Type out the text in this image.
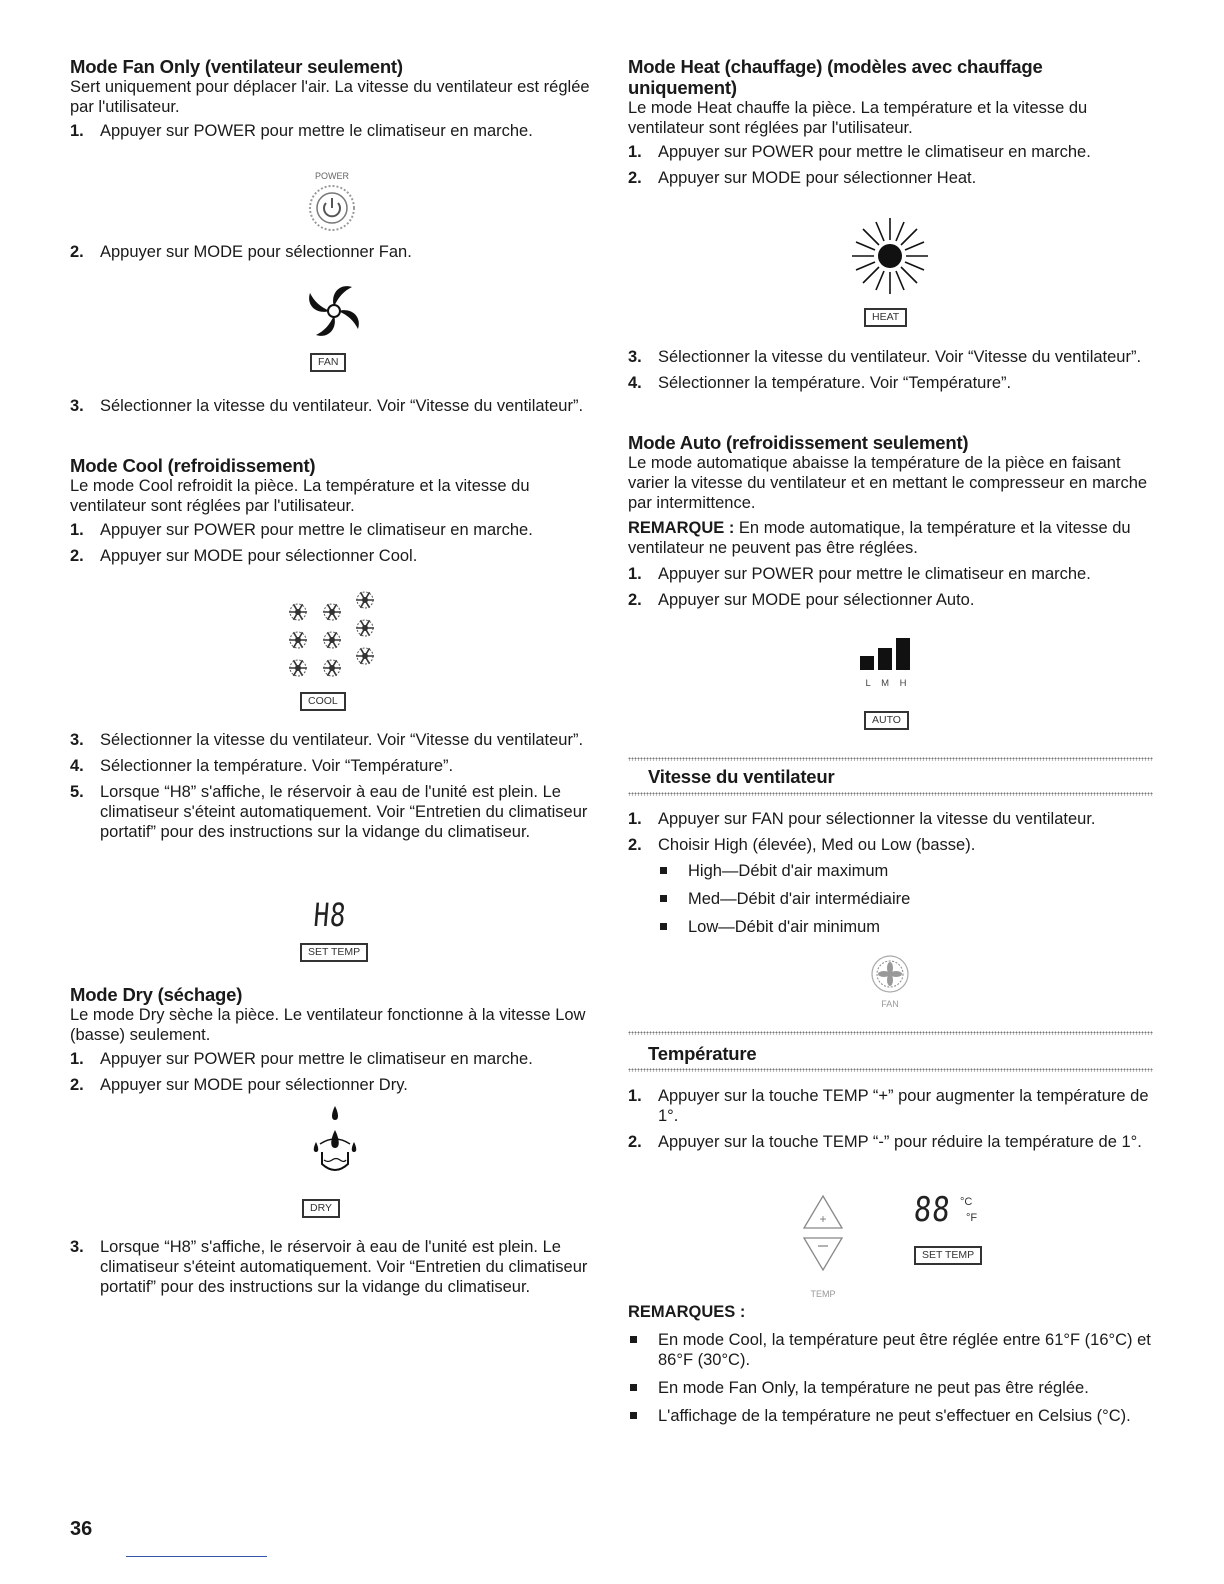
Mode Fan Only (ventilateur seulement)

Sert uniquement pour déplacer l'air. La vitesse du ventilateur est réglée par l'utilisateur.

1. Appuyer sur POWER pour mettre le climatiseur en marche.
POWER
2. Appuyer sur MODE pour sélectionner Fan.
FAN
3. Sélectionner la vitesse du ventilateur. Voir “Vitesse du ventilateur”.
Mode Cool (refroidissement)

Le mode Cool refroidit la pièce. La température et la vitesse du ventilateur sont réglées par l'utilisateur.

1. Appuyer sur POWER pour mettre le climatiseur en marche.
2. Appuyer sur MODE pour sélectionner Cool.
COOL
3. Sélectionner la vitesse du ventilateur. Voir “Vitesse du ventilateur”.
4. Sélectionner la température. Voir “Température”.
5. Lorsque “H8” s'affiche, le réservoir à eau de l'unité est plein. Le climatiseur s'éteint automatiquement. Voir “Entretien du climatiseur portatif” pour des instructions sur la vidange du climatiseur.
H8
SET TEMP
Mode Dry (séchage)

Le mode Dry sèche la pièce. Le ventilateur fonctionne à la vitesse Low (basse) seulement.

1. Appuyer sur POWER pour mettre le climatiseur en marche.
2. Appuyer sur MODE pour sélectionner Dry.
DRY
3. Lorsque “H8” s'affiche, le réservoir à eau de l'unité est plein. Le climatiseur s'éteint automatiquement. Voir “Entretien du climatiseur portatif” pour des instructions sur la vidange du climatiseur.
Mode Heat (chauffage) (modèles avec chauffage uniquement)

Le mode Heat chauffe la pièce. La température et la vitesse du ventilateur sont réglées par l'utilisateur.

1. Appuyer sur POWER pour mettre le climatiseur en marche.
2. Appuyer sur MODE pour sélectionner Heat.
HEAT
3. Sélectionner la vitesse du ventilateur. Voir “Vitesse du ventilateur”.
4. Sélectionner la température. Voir “Température”.
Mode Auto (refroidissement seulement)

Le mode automatique abaisse la température de la pièce en faisant varier la vitesse du ventilateur et en mettant le compresseur en marche par intermittence.

REMARQUE : En mode automatique, la température et la vitesse du ventilateur ne peuvent pas être réglées.

1. Appuyer sur POWER pour mettre le climatiseur en marche.
2. Appuyer sur MODE pour sélectionner Auto.
L M H
AUTO
Vitesse du ventilateur
1. Appuyer sur FAN pour sélectionner la vitesse du ventilateur.
2. Choisir High (élevée), Med ou Low (basse).
High—Débit d'air maximum
Med—Débit d'air intermédiaire
Low—Débit d'air minimum
FAN
Température
1. Appuyer sur la touche TEMP “+” pour augmenter la température de 1°.
2. Appuyer sur la touche TEMP “-” pour réduire la température de 1°.
+
TEMP
88 °C
°F
SET TEMP

REMARQUES :

En mode Cool, la température peut être réglée entre 61°F (16°C) et 86°F (30°C).
En mode Fan Only, la température ne peut pas être réglée.
L'affichage de la température ne peut s'effectuer en Celsius (°C).
36
